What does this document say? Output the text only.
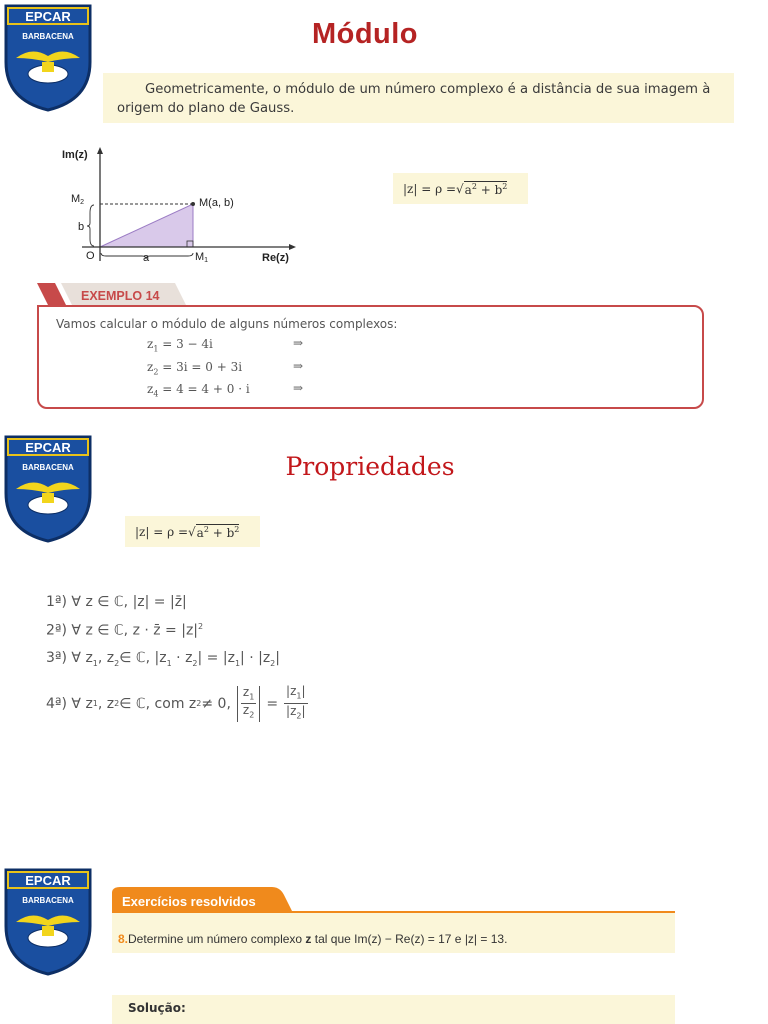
EPCAR
BARBACENA
EPCAR
BARBACENA
EPCAR
BARBACENA
Módulo
Geometricamente, o módulo de um número complexo é a distância de sua imagem à origem do plano de Gauss.
Im(z)
Re(z)
O
M(a, b)
M2
M1
b
a
|z| = ρ = √ $a^2 + b^2$
EXEMPLO 14
Vamos calcular o módulo de alguns números complexos:
$z_1 = 3 - 4i$	⇒
$z_2 = 3i = 0 + 3i$	⇒
$z_4 = 4 = 4 + 0 \cdot i$	⇒
Propriedades
|z| = ρ = √ $a^2 + b^2$
1ª) ∀ z ∈ ℂ, |z| = |z̄|
2ª) ∀ z ∈ ℂ, z · z̄ = $|z|^2$
3ª) ∀ $z_1$, $z_2\in$ ℂ, $|z_1 \cdot z_2| = |z_1| \cdot |z_2|$
4ª) ∀ z 1 , z 2 ∈ ℂ, com z 2 ≠ 0,
$z_1$
$z_2$
= $\frac{|z_1|}{|z_2|}$
Exercícios resolvidos
8.Determine um número complexo z tal que Im(z) − Re(z) = 17 e |z| = 13.
Solução:
